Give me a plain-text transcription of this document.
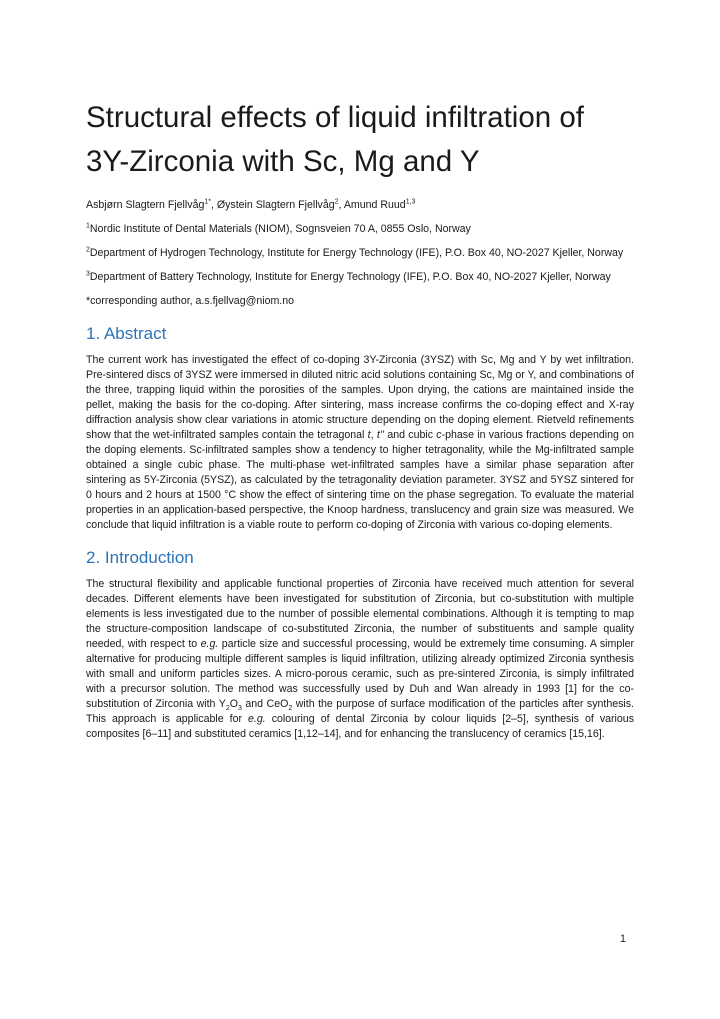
Structural effects of liquid infiltration of 3Y-Zirconia with Sc, Mg and Y

Asbjørn Slagtern Fjellvåg$^{1*}$, Øystein Slagtern Fjellvåg$^2$, Amund Ruud$^{1,3}$

$^1$Nordic Institute of Dental Materials (NIOM), Sognsveien 70 A, 0855 Oslo, Norway

$^2$Department of Hydrogen Technology, Institute for Energy Technology (IFE), P.O. Box 40, NO-2027 Kjeller, Norway

$^3$Department of Battery Technology, Institute for Energy Technology (IFE), P.O. Box 40, NO-2027 Kjeller, Norway

*corresponding author, a.s.fjellvag@niom.no

1. Abstract

The current work has investigated the effect of co-doping 3Y-Zirconia (3YSZ) with Sc, Mg and Y by wet infiltration. Pre-sintered discs of 3YSZ were immersed in diluted nitric acid solutions containing Sc, Mg or Y, and combinations of the three, trapping liquid within the porosities of the samples. Upon drying, the cations are maintained inside the pellet, making the basis for the co-doping. After sintering, mass increase confirms the co-doping effect and X-ray diffraction analysis show clear variations in atomic structure depending on the doping element. Rietveld refinements show that the wet-infiltrated samples contain the tetragonal t, t’’ and cubic c-phase in various fractions depending on the doping elements. Sc-infiltrated samples show a tendency to higher tetragonality, while the Mg-infiltrated sample obtained a single cubic phase. The multi-phase wet-infiltrated samples have a similar phase separation after sintering as 5Y-Zirconia (5YSZ), as calculated by the tetragonality deviation parameter. 3YSZ and 5YSZ sintered for 0 hours and 2 hours at 1500 °C show the effect of sintering time on the phase segregation. To evaluate the material properties in an application-based perspective, the Knoop hardness, translucency and grain size was measured. We conclude that liquid infiltration is a viable route to perform co-doping of Zirconia with various co-doping elements.

2. Introduction

The structural flexibility and applicable functional properties of Zirconia have received much attention for several decades. Different elements have been investigated for substitution of Zirconia, but co-substitution with multiple elements is less investigated due to the number of possible elemental combinations. Although it is tempting to map the structure-composition landscape of co-substituted Zirconia, the number of substituents and sample quality needed, with respect to e.g. particle size and successful processing, would be extremely time consuming. A simpler alternative for producing multiple different samples is liquid infiltration, utilizing already optimized Zirconia synthesis with small and uniform particles sizes. A micro-porous ceramic, such as pre-sintered Zirconia, is simply infiltrated with a precursor solution. The method was successfully used by Duh and Wan already in 1993 [1] for the co-substitution of Zirconia with $Y_2O_3$ and CeO$_2$ with the purpose of surface modification of the particles after synthesis. This approach is applicable for e.g. colouring of dental Zirconia by colour liquids [2–5], synthesis of various composites [6–11] and substituted ceramics [1,12–14], and for enhancing the translucency of ceramics [15,16].

1
